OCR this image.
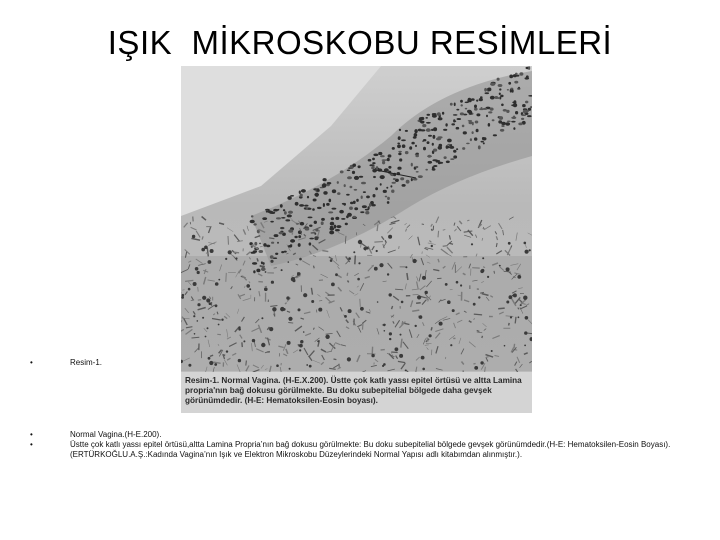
IŞIK  MİKROSKOBU RESİMLERİ
Resim-1. Normal Vagina. (H-E.X.200). Üstte çok katlı yassı epitel örtüsü ve altta Lamina propria'nın bağ dokusu görülmekte. Bu doku subepitelial bölgede daha gevşek görünümdedir. (H-E: Hematoksilen-Eosin boyası).
•	Resim-1.
•	Normal Vagina.(H-E.200).
•	Üstte çok katlı yassı epitel örtüsü,altta Lamina Propria’nın bağ dokusu görülmekte: Bu doku subepitelial bölgede gevşek görünümdedir.(H-E: Hematoksilen-Eosin Boyası).(ERTÜRKOĞLU.A.Ş.:Kadında Vagina’nın Işık ve Elektron Mikroskobu Düzeylerindeki Normal Yapısı adlı kitabımdan alınmıştır.).
